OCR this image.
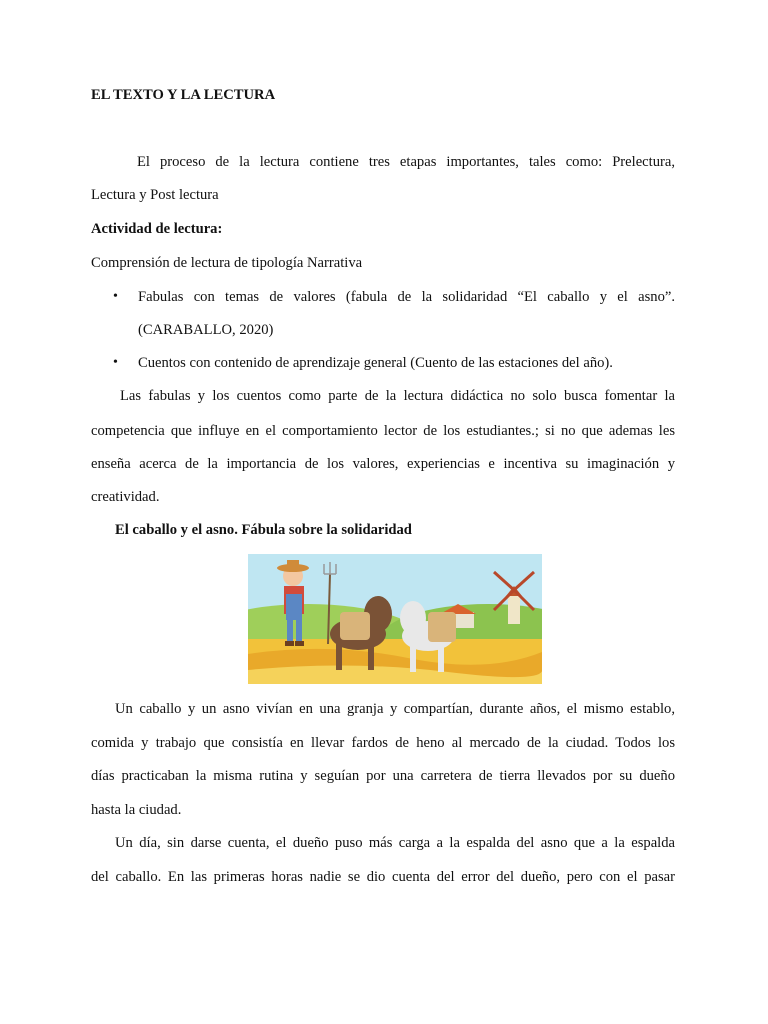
EL TEXTO Y LA LECTURA
El proceso de la lectura contiene tres etapas importantes, tales como: Prelectura,
Lectura y Post lectura
Actividad de lectura:
Comprensión de lectura de tipología Narrativa
• Fabulas con temas de valores (fabula de la solidaridad “El caballo y el asno”.
(CARABALLO, 2020)
• Cuentos con contenido de aprendizaje general (Cuento de las estaciones del año).
Las fabulas y los cuentos como parte de la lectura didáctica no solo busca fomentar la
competencia que influye en el comportamiento lector de los estudiantes.; si no que ademas les
enseña acerca de la importancia de los valores, experiencias e incentiva su imaginación y
creatividad.
El caballo y el asno. Fábula sobre la solidaridad
Un caballo y un asno vivían en una granja y compartían, durante años, el mismo establo,
comida y trabajo que consistía en llevar fardos de heno al mercado de la ciudad. Todos los
días practicaban la misma rutina y seguían por una carretera de tierra llevados por su dueño
hasta la ciudad.
Un día, sin darse cuenta, el dueño puso más carga a la espalda del asno que a la espalda
del caballo. En las primeras horas nadie se dio cuenta del error del dueño, pero con el pasar
